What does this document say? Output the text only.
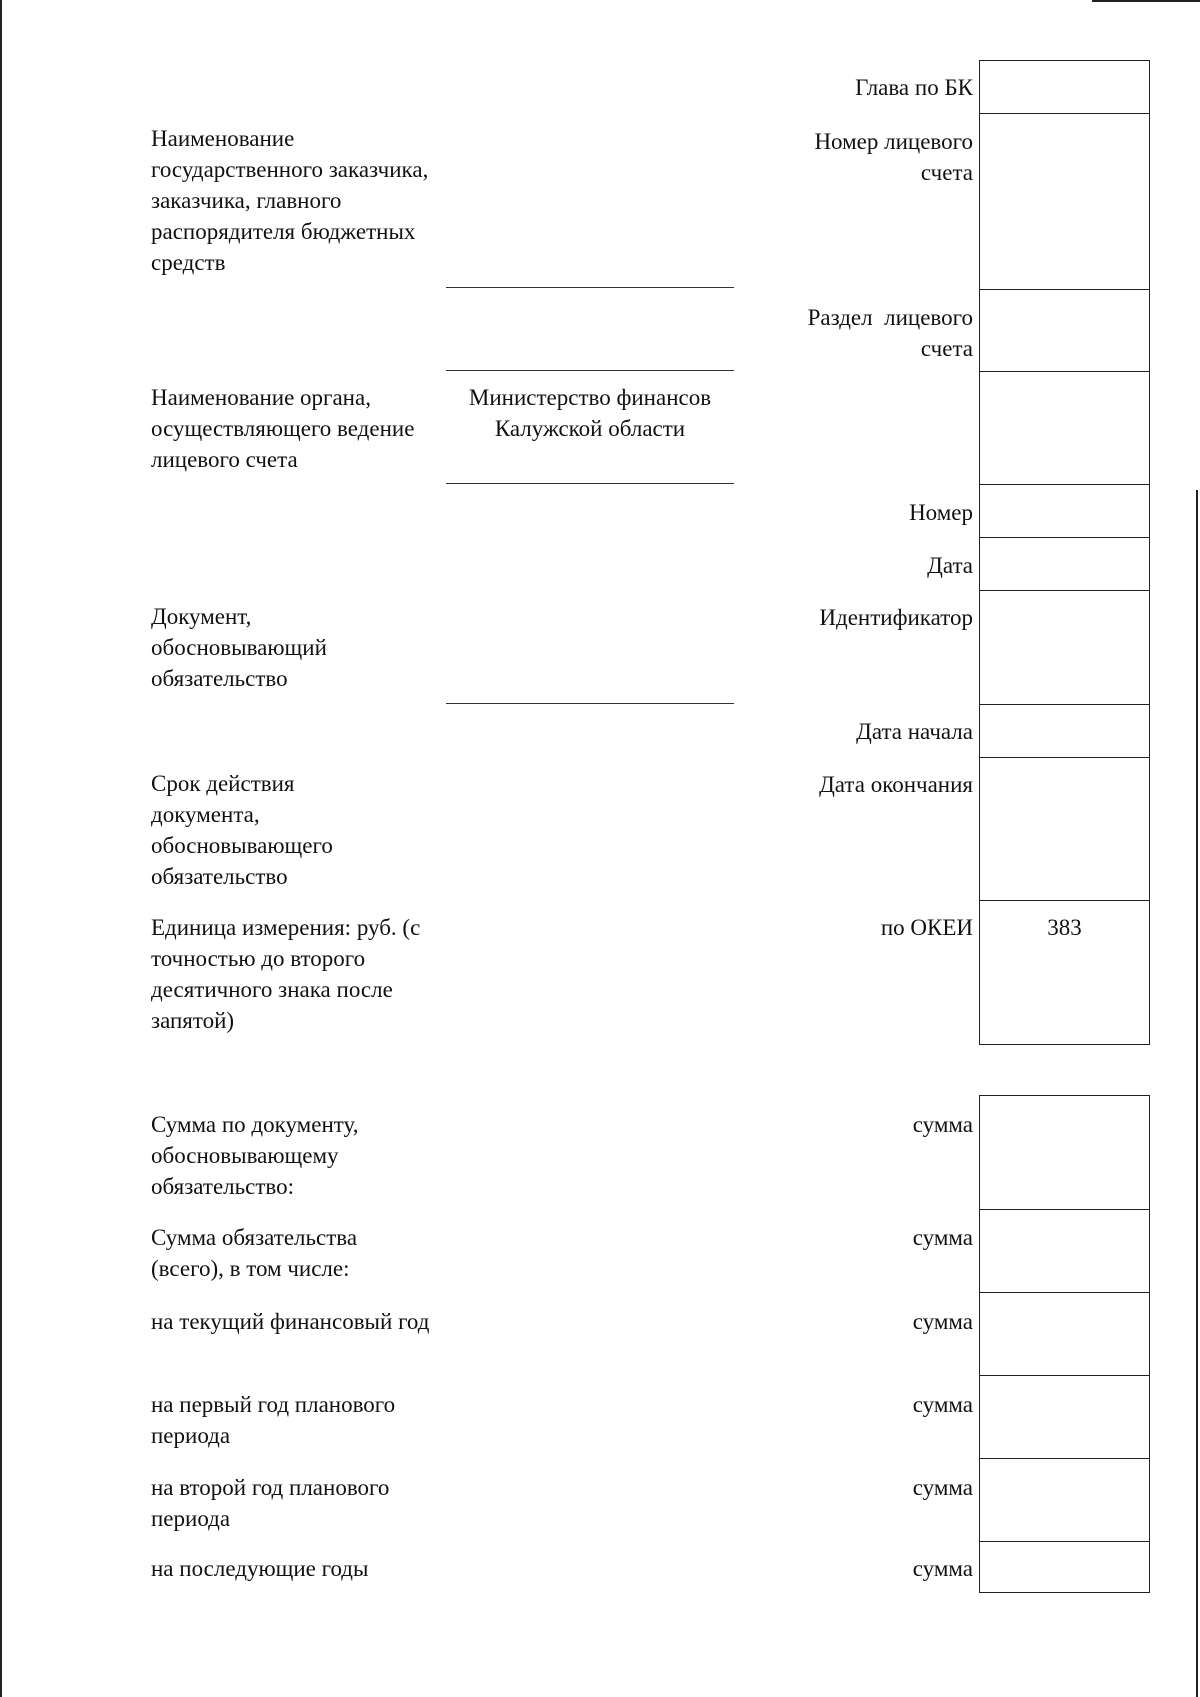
Наименование государственного заказчика, заказчика, главного распорядителя бюджетных средств
Наименование органа, осуществляющего ведение лицевого счета
Документ, обосновывающий обязательство
Срок действия документа, обосновывающего обязательство
Единица измерения: руб. (с точностью до второго десятичного знака после запятой)
Сумма по документу, обосновывающему обязательство:
Сумма обязательства (всего), в том числе:
на текущий финансовый год
на первый год планового периода
на второй год планового периода
на последующие годы
Министерство финансов Калужской области
Глава по БК
Номер лицевого счета
Раздел  лицевого счета
Номер
Дата
Идентификатор
Дата начала
Дата окончания
по ОКЕИ
сумма
сумма
сумма
сумма
сумма
сумма
383
